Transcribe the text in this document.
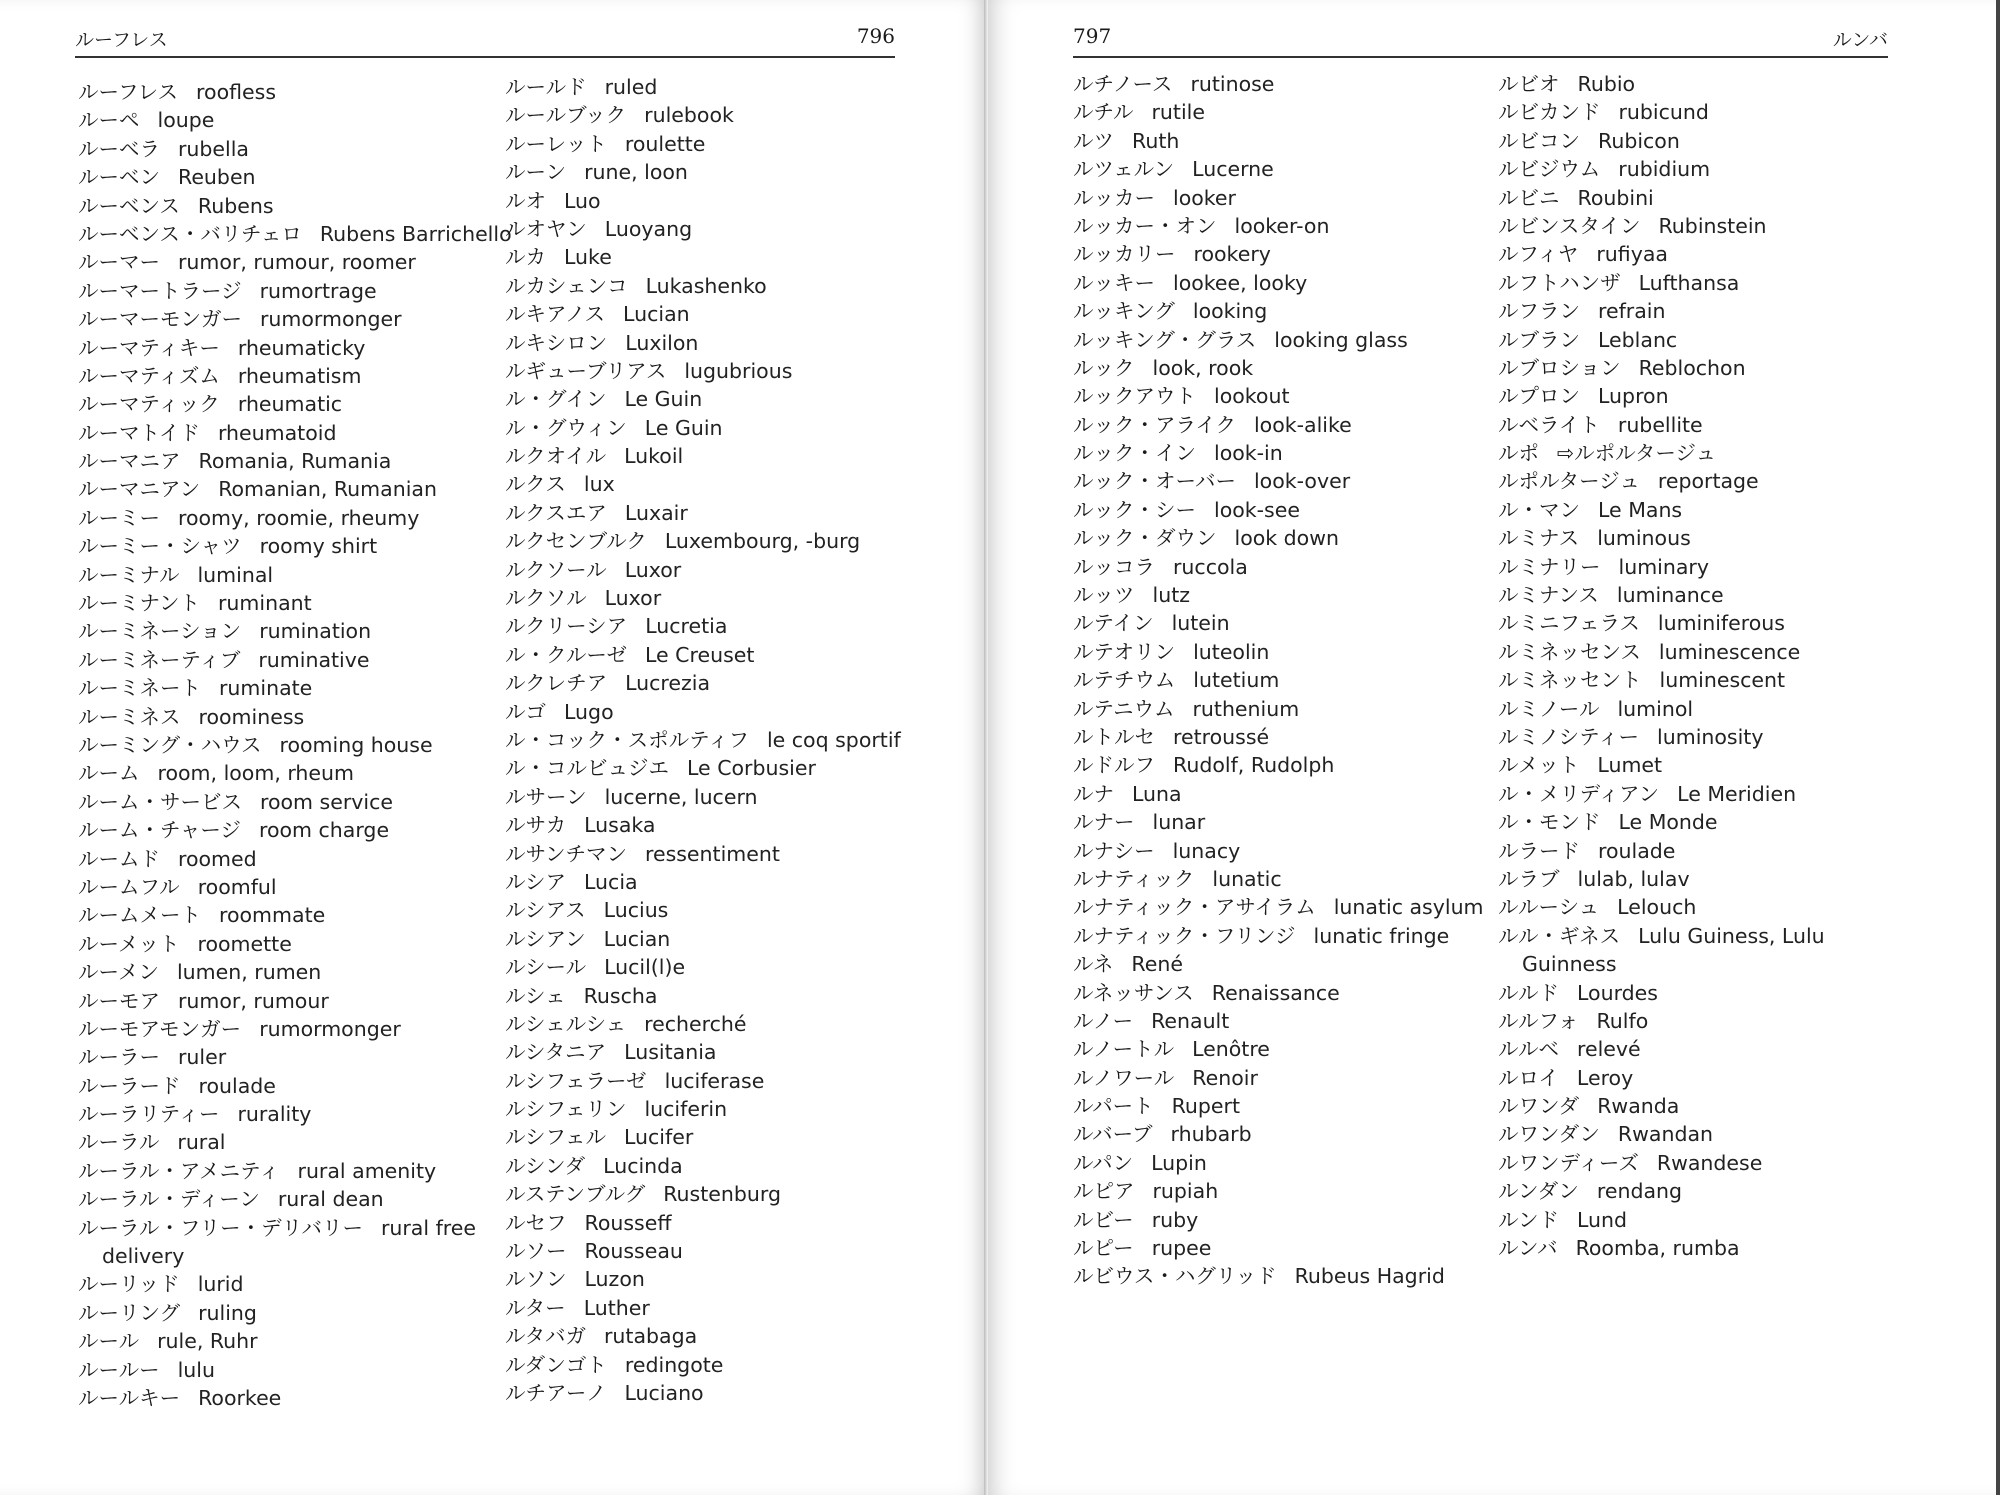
ルーフレス	796
ルーフレス roofless
ルーペ loupe
ルーベラ rubella
ルーベン Reuben
ルーベンス Rubens
ルーベンス・バリチェロ Rubens Barrichello
ルーマー rumor, rumour, roomer
ルーマートラージ rumortrage
ルーマーモンガー rumormonger
ルーマティキー rheumaticky
ルーマティズム rheumatism
ルーマティック rheumatic
ルーマトイド rheumatoid
ルーマニア Romania, Rumania
ルーマニアン Romanian, Rumanian
ルーミー roomy, roomie, rheumy
ルーミー・シャツ roomy shirt
ルーミナル luminal
ルーミナント ruminant
ルーミネーション rumination
ルーミネーティブ ruminative
ルーミネート ruminate
ルーミネス roominess
ルーミング・ハウス rooming house
ルーム room, loom, rheum
ルーム・サービス room service
ルーム・チャージ room charge
ルームド roomed
ルームフル roomful
ルームメート roommate
ルーメット roomette
ルーメン lumen, rumen
ルーモア rumor, rumour
ルーモアモンガー rumormonger
ルーラー ruler
ルーラード roulade
ルーラリティー rurality
ルーラル rural
ルーラル・アメニティ rural amenity
ルーラル・ディーン rural dean
ルーラル・フリー・デリバリー rural free
delivery
ルーリッド lurid
ルーリング ruling
ルール rule, Ruhr
ルールー lulu
ルールキー Roorkee
ルールド ruled
ルールブック rulebook
ルーレット roulette
ルーン rune, loon
ルオ Luo
ルオヤン Luoyang
ルカ Luke
ルカシェンコ Lukashenko
ルキアノス Lucian
ルキシロン Luxilon
ルギューブリアス lugubrious
ル・グイン Le Guin
ル・グウィン Le Guin
ルクオイル Lukoil
ルクス lux
ルクスエア Luxair
ルクセンブルク Luxembourg, -burg
ルクソール Luxor
ルクソル Luxor
ルクリーシア Lucretia
ル・クルーゼ Le Creuset
ルクレチア Lucrezia
ルゴ Lugo
ル・コック・スポルティフ le coq sportif
ル・コルビュジエ Le Corbusier
ルサーン lucerne, lucern
ルサカ Lusaka
ルサンチマン ressentiment
ルシア Lucia
ルシアス Lucius
ルシアン Lucian
ルシール Lucil(l)e
ルシェ Ruscha
ルシェルシェ recherché
ルシタニア Lusitania
ルシフェラーゼ luciferase
ルシフェリン luciferin
ルシフェル Lucifer
ルシンダ Lucinda
ルステンブルグ Rustenburg
ルセフ Rousseff
ルソー Rousseau
ルソン Luzon
ルター Luther
ルタバガ rutabaga
ルダンゴト redingote
ルチアーノ Luciano
797	ルンバ
ルチノース rutinose
ルチル rutile
ルツ Ruth
ルツェルン Lucerne
ルッカー looker
ルッカー・オン looker-on
ルッカリー rookery
ルッキー lookee, looky
ルッキング looking
ルッキング・グラス looking glass
ルック look, rook
ルックアウト lookout
ルック・アライク look-alike
ルック・イン look-in
ルック・オーバー look-over
ルック・シー look-see
ルック・ダウン look down
ルッコラ ruccola
ルッツ lutz
ルテイン lutein
ルテオリン luteolin
ルテチウム lutetium
ルテニウム ruthenium
ルトルセ retroussé
ルドルフ Rudolf, Rudolph
ルナ Luna
ルナー lunar
ルナシー lunacy
ルナティック lunatic
ルナティック・アサイラム lunatic asylum
ルナティック・フリンジ lunatic fringe
ルネ René
ルネッサンス Renaissance
ルノー Renault
ルノートル Lenôtre
ルノワール Renoir
ルパート Rupert
ルバーブ rhubarb
ルパン Lupin
ルピア rupiah
ルビー ruby
ルピー rupee
ルビウス・ハグリッド Rubeus Hagrid
ルビオ Rubio
ルビカンド rubicund
ルビコン Rubicon
ルビジウム rubidium
ルビニ Roubini
ルビンスタイン Rubinstein
ルフィヤ rufiyaa
ルフトハンザ Lufthansa
ルフラン refrain
ルブラン Leblanc
ルブロション Reblochon
ルプロン Lupron
ルベライト rubellite
ルポ ⇨ルポルタージュ
ルポルタージュ reportage
ル・マン Le Mans
ルミナス luminous
ルミナリー luminary
ルミナンス luminance
ルミニフェラス luminiferous
ルミネッセンス luminescence
ルミネッセント luminescent
ルミノール luminol
ルミノシティー luminosity
ルメット Lumet
ル・メリディアン Le Meridien
ル・モンド Le Monde
ルラード roulade
ルラブ lulab, lulav
ルルーシュ Lelouch
ルル・ギネス Lulu Guiness, Lulu
Guinness
ルルド Lourdes
ルルフォ Rulfo
ルルベ relevé
ルロイ Leroy
ルワンダ Rwanda
ルワンダン Rwandan
ルワンディーズ Rwandese
ルンダン rendang
ルンド Lund
ルンバ Roomba, rumba
